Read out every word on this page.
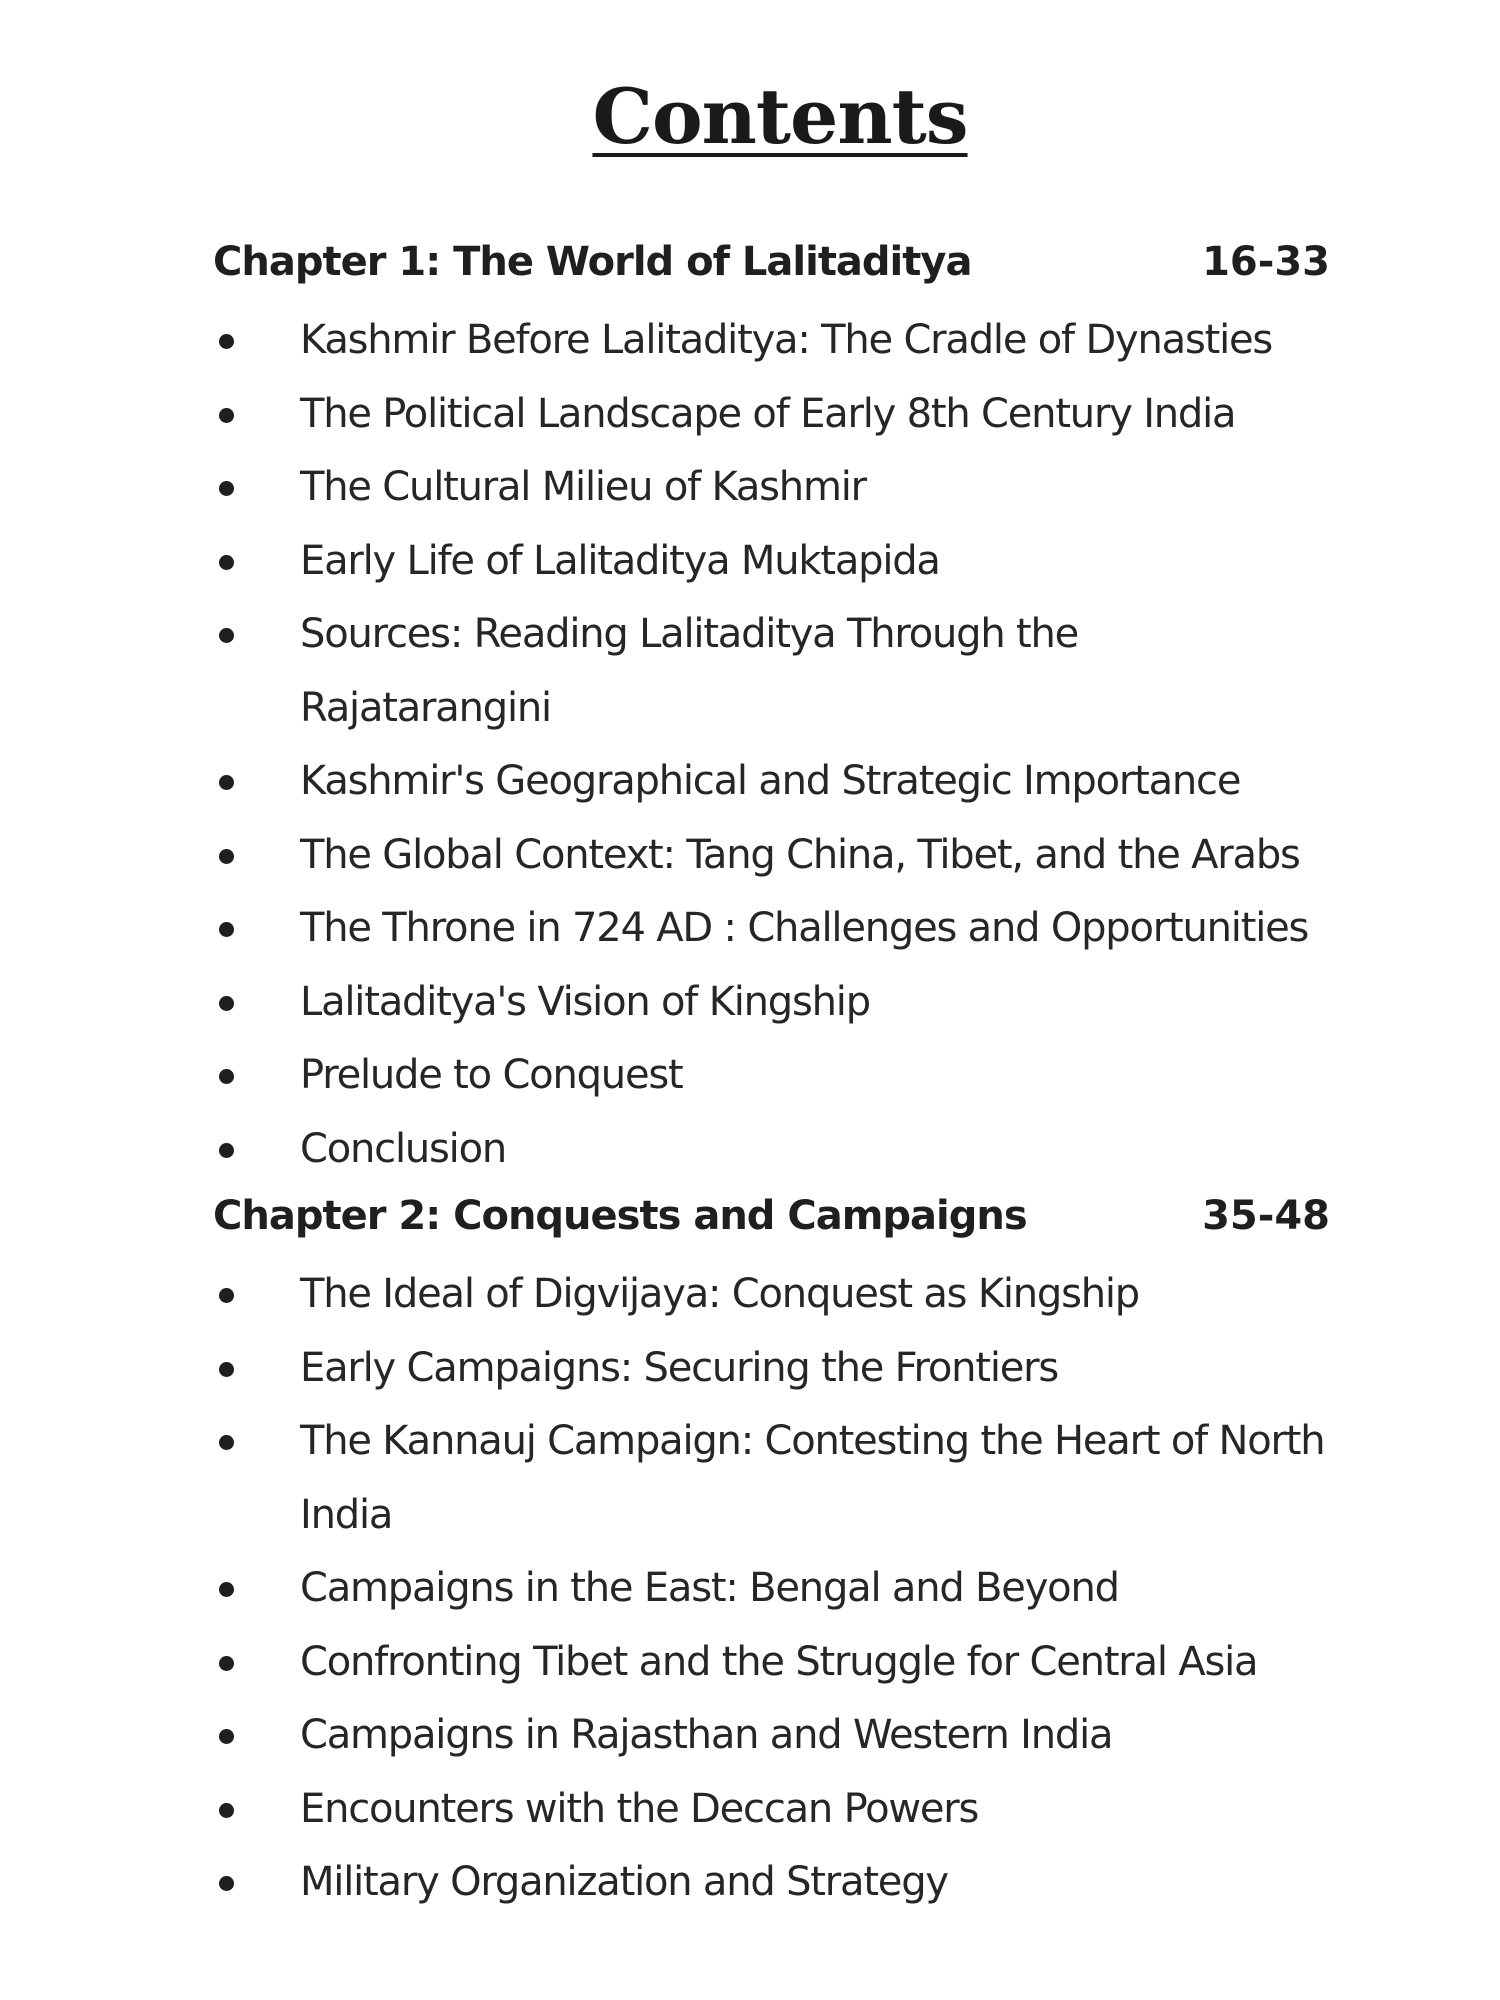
Contents
Chapter 1: The World of Lalitaditya	16-33
Kashmir Before Lalitaditya: The Cradle of Dynasties
The Political Landscape of Early 8th Century India
The Cultural Milieu of Kashmir
Early Life of Lalitaditya Muktapida
Sources: Reading Lalitaditya Through the Rajatarangini
Kashmir's Geographical and Strategic Importance
The Global Context: Tang China, Tibet, and the Arabs
The Throne in 724 AD : Challenges and Opportunities
Lalitaditya's Vision of Kingship
Prelude to Conquest
Conclusion
Chapter 2: Conquests and Campaigns	35-48
The Ideal of Digvijaya: Conquest as Kingship
Early Campaigns: Securing the Frontiers
The Kannauj Campaign: Contesting the Heart of North India
Campaigns in the East: Bengal and Beyond
Confronting Tibet and the Struggle for Central Asia
Campaigns in Rajasthan and Western India
Encounters with the Deccan Powers
Military Organization and Strategy
